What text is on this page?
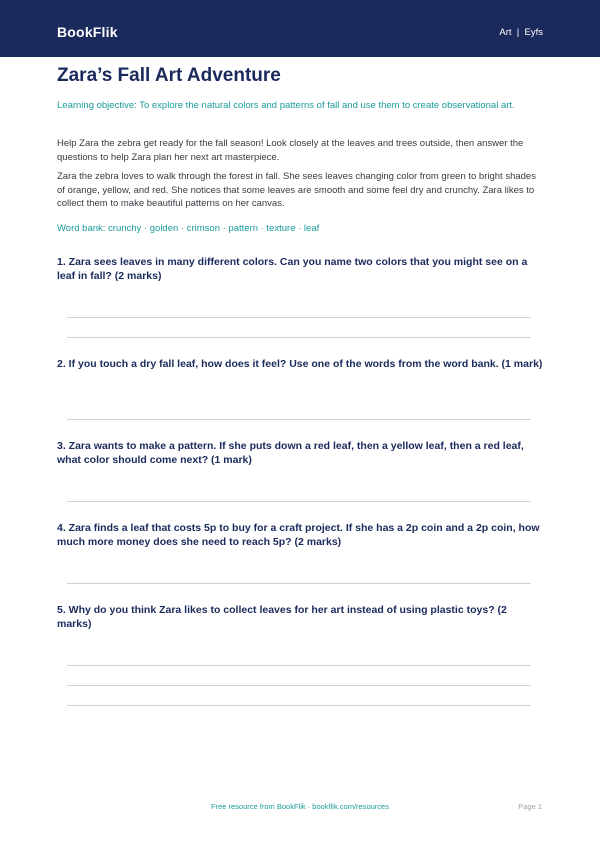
BookFlik	Art  |  Eyfs
Zara’s Fall Art Adventure

Learning objective: To explore the natural colors and patterns of fall and use them to create observational art.

Help Zara the zebra get ready for the fall season! Look closely at the leaves and trees outside, then answer the questions to help Zara plan her next art masterpiece.

Zara the zebra loves to walk through the forest in fall. She sees leaves changing color from green to bright shades of orange, yellow, and red. She notices that some leaves are smooth and some feel dry and crunchy. Zara likes to collect them to make beautiful patterns on her canvas.

Word bank: crunchy · golden · crimson · pattern · texture · leaf

1. Zara sees leaves in many different colors. Can you name two colors that you might see on a leaf in fall? (2 marks)

2. If you touch a dry fall leaf, how does it feel? Use one of the words from the word bank. (1 mark)

3. Zara wants to make a pattern. If she puts down a red leaf, then a yellow leaf, then a red leaf, what color should come next? (1 mark)

4. Zara finds a leaf that costs 5p to buy for a craft project. If she has a 2p coin and a 2p coin, how much more money does she need to reach 5p? (2 marks)

5. Why do you think Zara likes to collect leaves for her art instead of using plastic toys? (2 marks)

Free resource from BookFlik · bookflik.com/resources	Page 1
